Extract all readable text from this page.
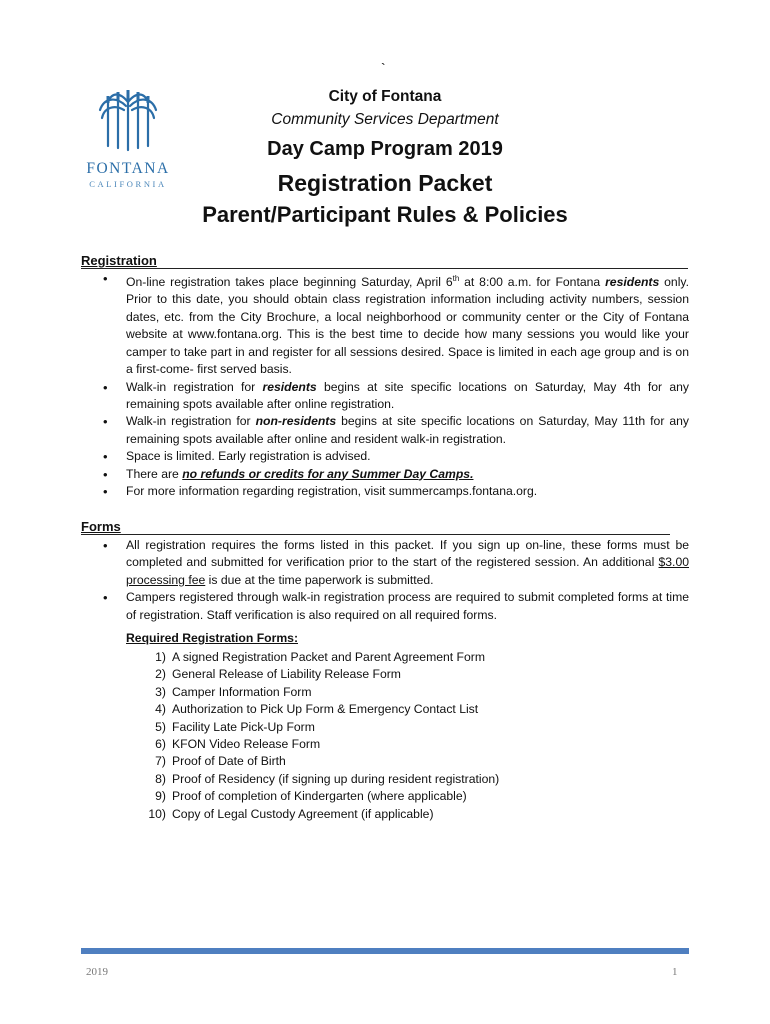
`
FONTANA
CALIFORNIA
City of Fontana
Community Services Department
Day Camp Program 2019
Registration Packet
Parent/Participant Rules & Policies
Registration
• On-line registration takes place beginning Saturday, April 6th at 8:00 a.m. for Fontana residents only. Prior to this date, you should obtain class registration information including activity numbers, session dates, etc. from the City Brochure, a local neighborhood or community center or the City of Fontana website at www.fontana.org. This is the best time to decide how many sessions you would like your camper to take part in and register for all sessions desired. Space is limited in each age group and is on a first-come- first served basis.
• Walk-in registration for residents begins at site specific locations on Saturday, May 4th for any remaining spots available after online registration.
• Walk-in registration for non-residents begins at site specific locations on Saturday, May 11th for any remaining spots available after online and resident walk-in registration.
• Space is limited. Early registration is advised.
• There are no refunds or credits for any Summer Day Camps.
• For more information regarding registration, visit summercamps.fontana.org.
Forms
• All registration requires the forms listed in this packet. If you sign up on-line, these forms must be completed and submitted for verification prior to the start of the registered session. An additional $3.00 processing fee is due at the time paperwork is submitted.
• Campers registered through walk-in registration process are required to submit completed forms at time of registration. Staff verification is also required on all required forms.
Required Registration Forms:
1) A signed Registration Packet and Parent Agreement Form
2) General Release of Liability Release Form
3) Camper Information Form
4) Authorization to Pick Up Form & Emergency Contact List
5) Facility Late Pick-Up Form
6) KFON Video Release Form
7) Proof of Date of Birth
8) Proof of Residency (if signing up during resident registration)
9) Proof of completion of Kindergarten (where applicable)
10) Copy of Legal Custody Agreement (if applicable)
2019	1
